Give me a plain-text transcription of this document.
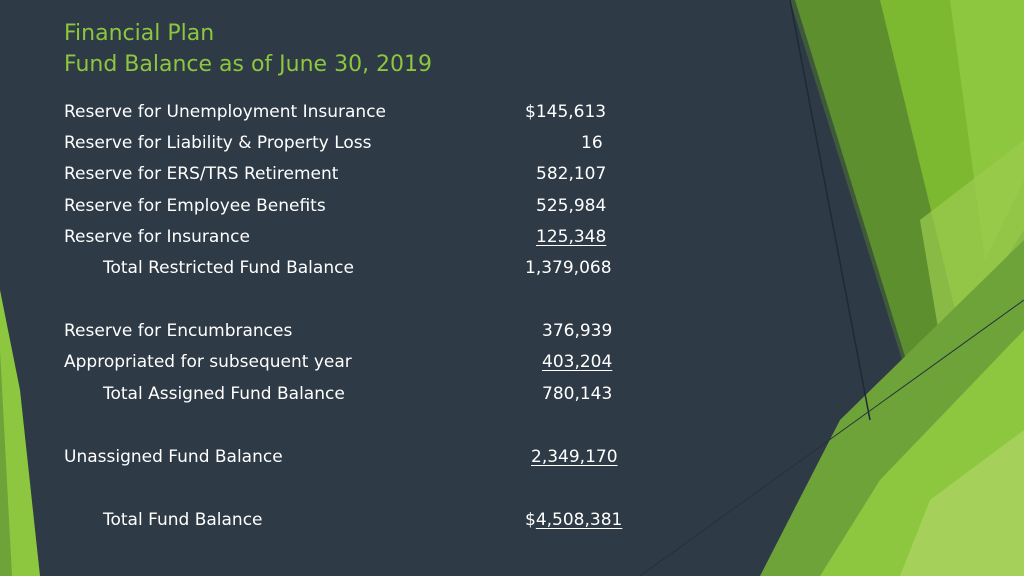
Financial Plan
Fund Balance as of June 30, 2019
Reserve for Unemployment Insurance	$145,613
Reserve for Liability & Property Loss	16
Reserve for ERS/TRS Retirement	582,107
Reserve for Employee Benefits	525,984
Reserve for Insurance	125,348
Total Restricted Fund Balance	1,379,068
Reserve for Encumbrances	376,939
Appropriated for subsequent year	403,204
Total Assigned Fund Balance	780,143
Unassigned Fund Balance	2,349,170
Total Fund Balance	$4,508,381
